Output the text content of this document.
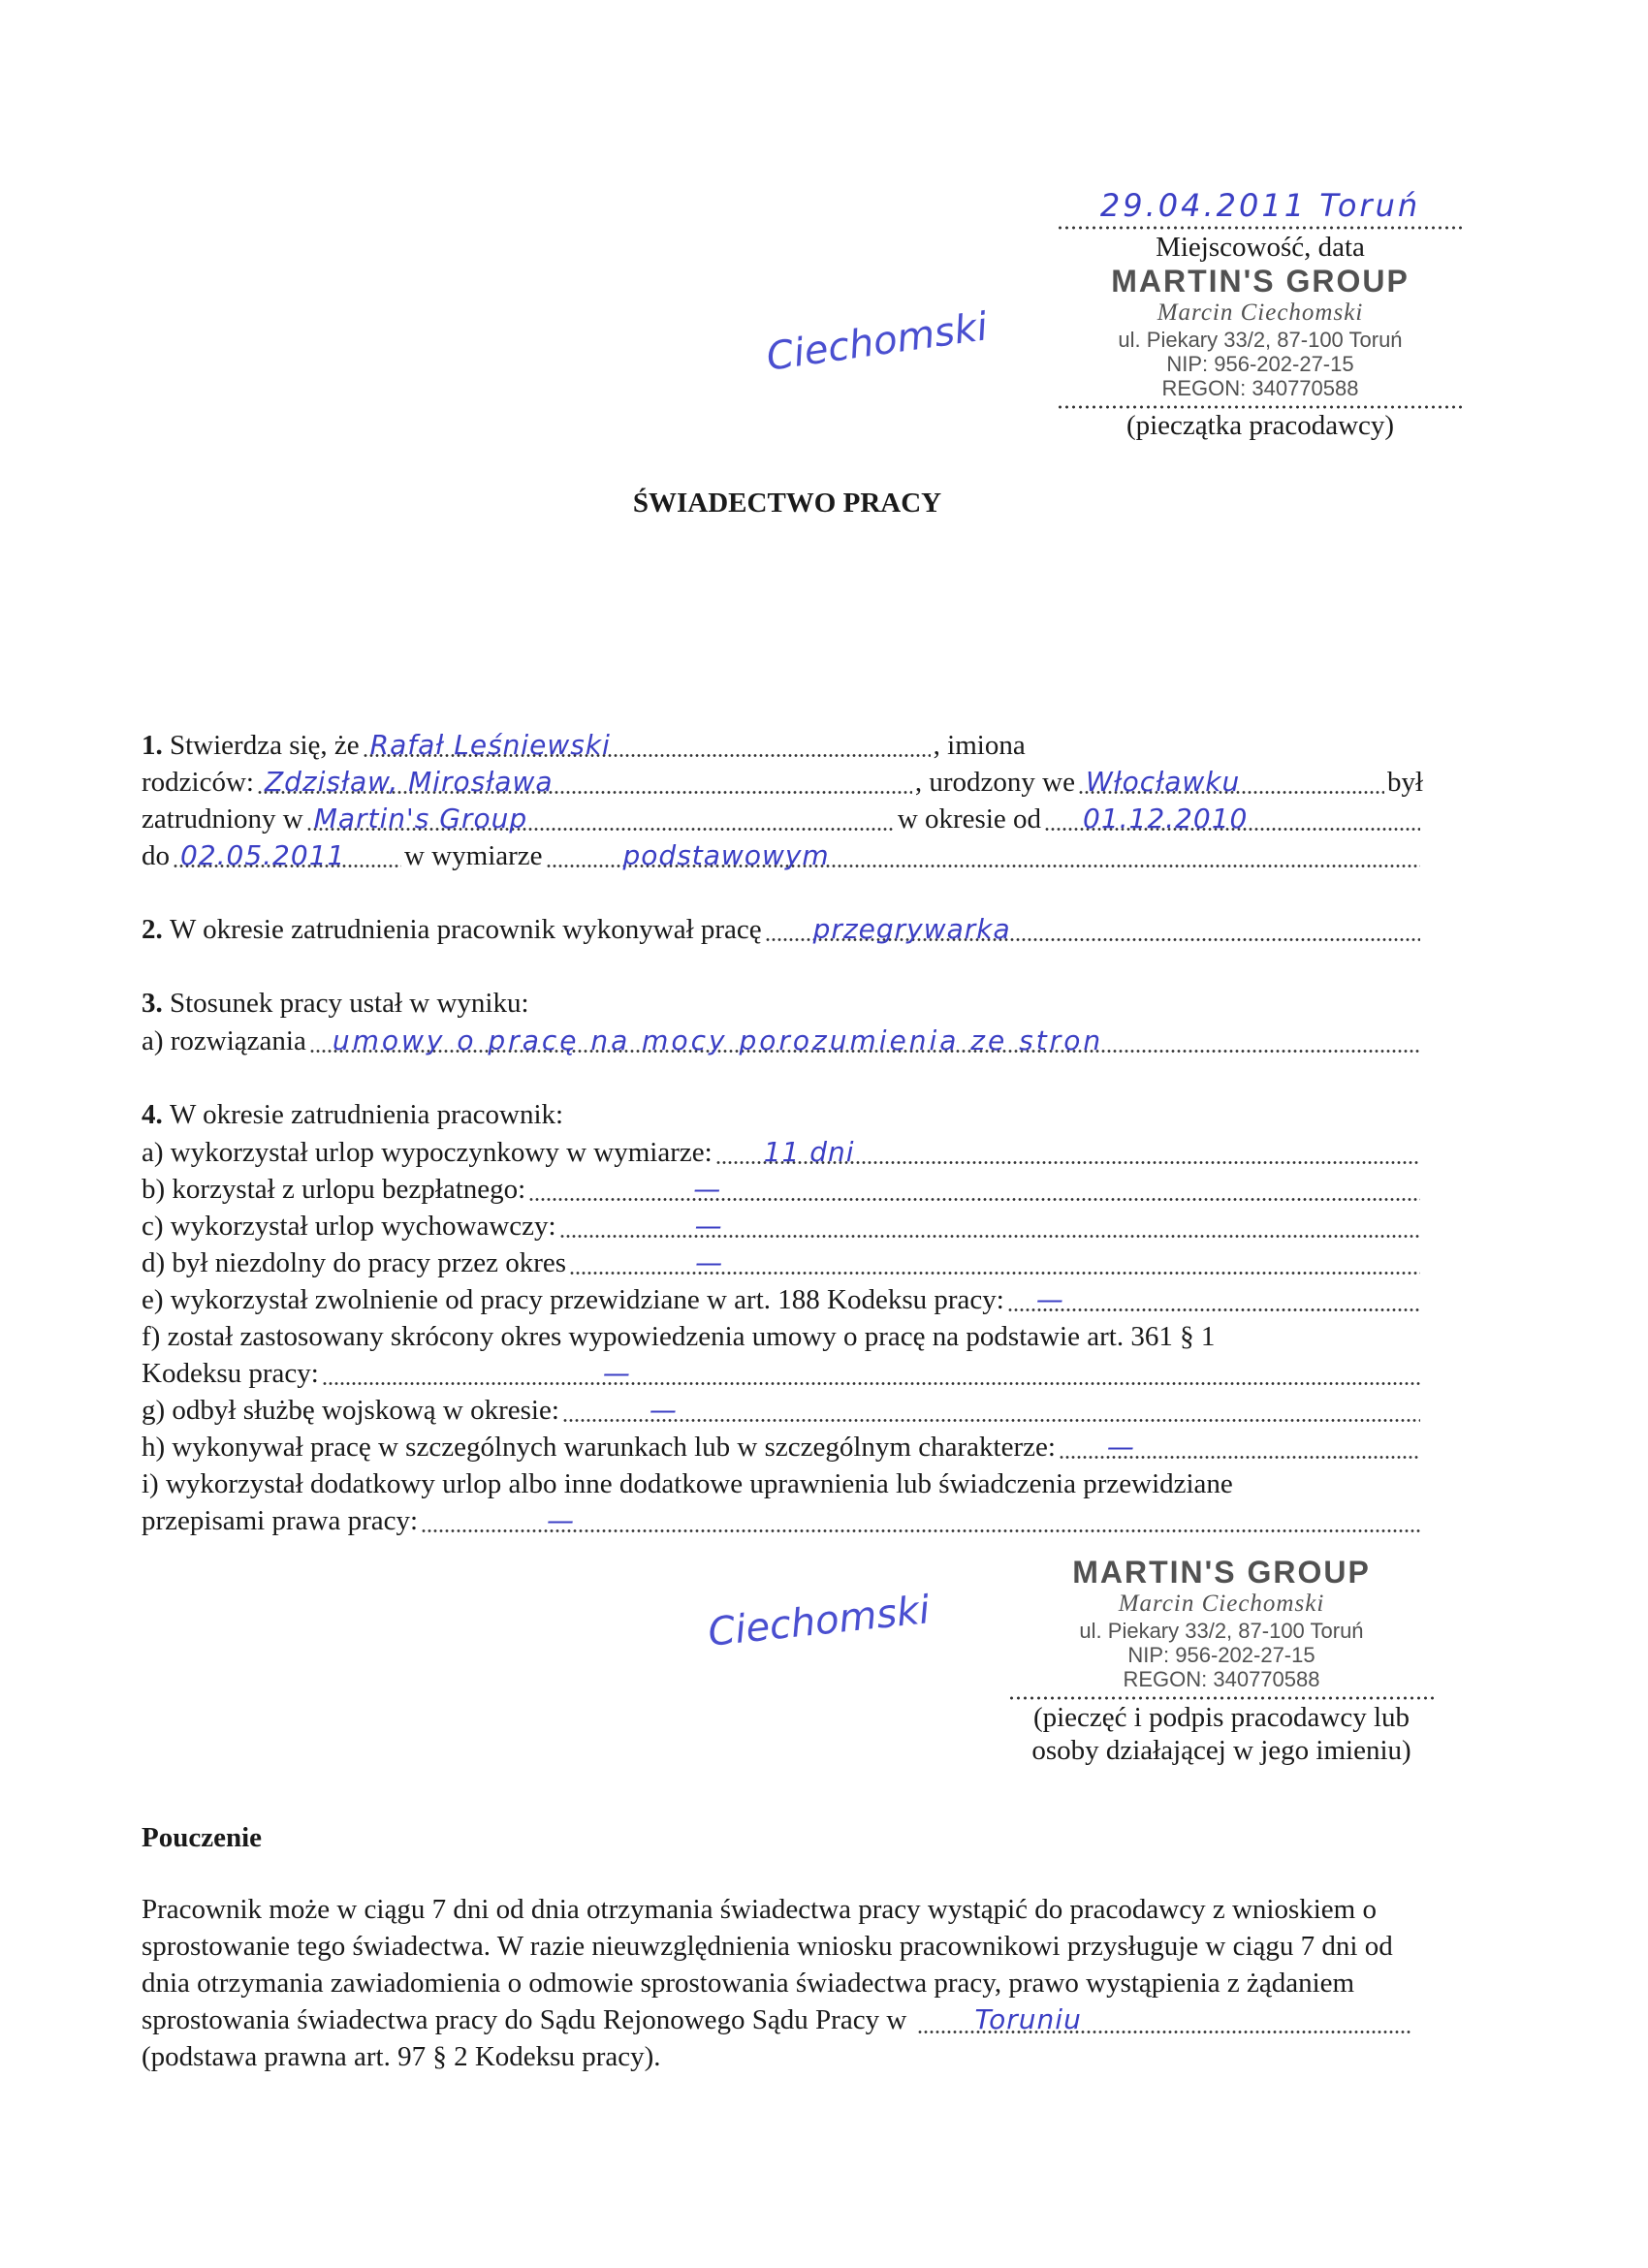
29.04.2011 Toruń
Miejscowość, data
MARTIN'S GROUP
Marcin Ciechomski
ul. Piekary 33/2, 87-100 Toruń
NIP: 956-202-27-15
REGON: 340770588
(pieczątka pracodawcy)
Ciechomski
ŚWIADECTWO PRACY
1.
Stwierdza się, że Rafał Leśniewski	, imiona
rodziców: Zdzisław, Mirosława	, urodzony we Włocławku	był
zatrudniony w Martin's Group	w okresie od	01.12.2010
do 02.05.2011	w wymiarze	podstawowym
2.
W okresie zatrudnienia pracownik wykonywał pracę	przegrywarka
3.
Stosunek pracy ustał w wyniku:
a) rozwiązania umowy o pracę na mocy porozumienia ze stron
4.
W okresie zatrudnienia pracownik:
a) wykorzystał urlop wypoczynkowy w wymiarze:	11 dni
b) korzystał z urlopu bezpłatnego:	—
c) wykorzystał urlop wychowawczy:	—
d) był niezdolny do pracy przez okres	—
e) wykorzystał zwolnienie od pracy przewidziane w art. 188 Kodeksu pracy:	—
f) został zastosowany skrócony okres wypowiedzenia umowy o pracę na podstawie art. 361 § 1
Kodeksu pracy:	—
g) odbył służbę wojskową w okresie:	—
h) wykonywał pracę w szczególnych warunkach lub w szczególnym charakterze:	—
i) wykorzystał dodatkowy urlop albo inne dodatkowe uprawnienia lub świadczenia przewidziane
przepisami prawa pracy:	—
MARTIN'S GROUP
Marcin Ciechomski
ul. Piekary 33/2, 87-100 Toruń
NIP: 956-202-27-15
REGON: 340770588
(pieczęć i podpis pracodawcy lub
osoby działającej w jego imieniu)
Ciechomski
Pouczenie
Pracownik może w ciągu 7 dni od dnia otrzymania świadectwa pracy wystąpić do pracodawcy z wnioskiem o sprostowanie tego świadectwa. W razie nieuwzględnienia wniosku pracownikowi przysługuje w ciągu 7 dni od dnia otrzymania zawiadomienia o odmowie sprostowania świadectwa pracy, prawo wystąpienia z żądaniem sprostowania świadectwa pracy do Sądu Rejonowego Sądu Pracy w	Toruniu (podstawa prawna art. 97 § 2 Kodeksu pracy).
